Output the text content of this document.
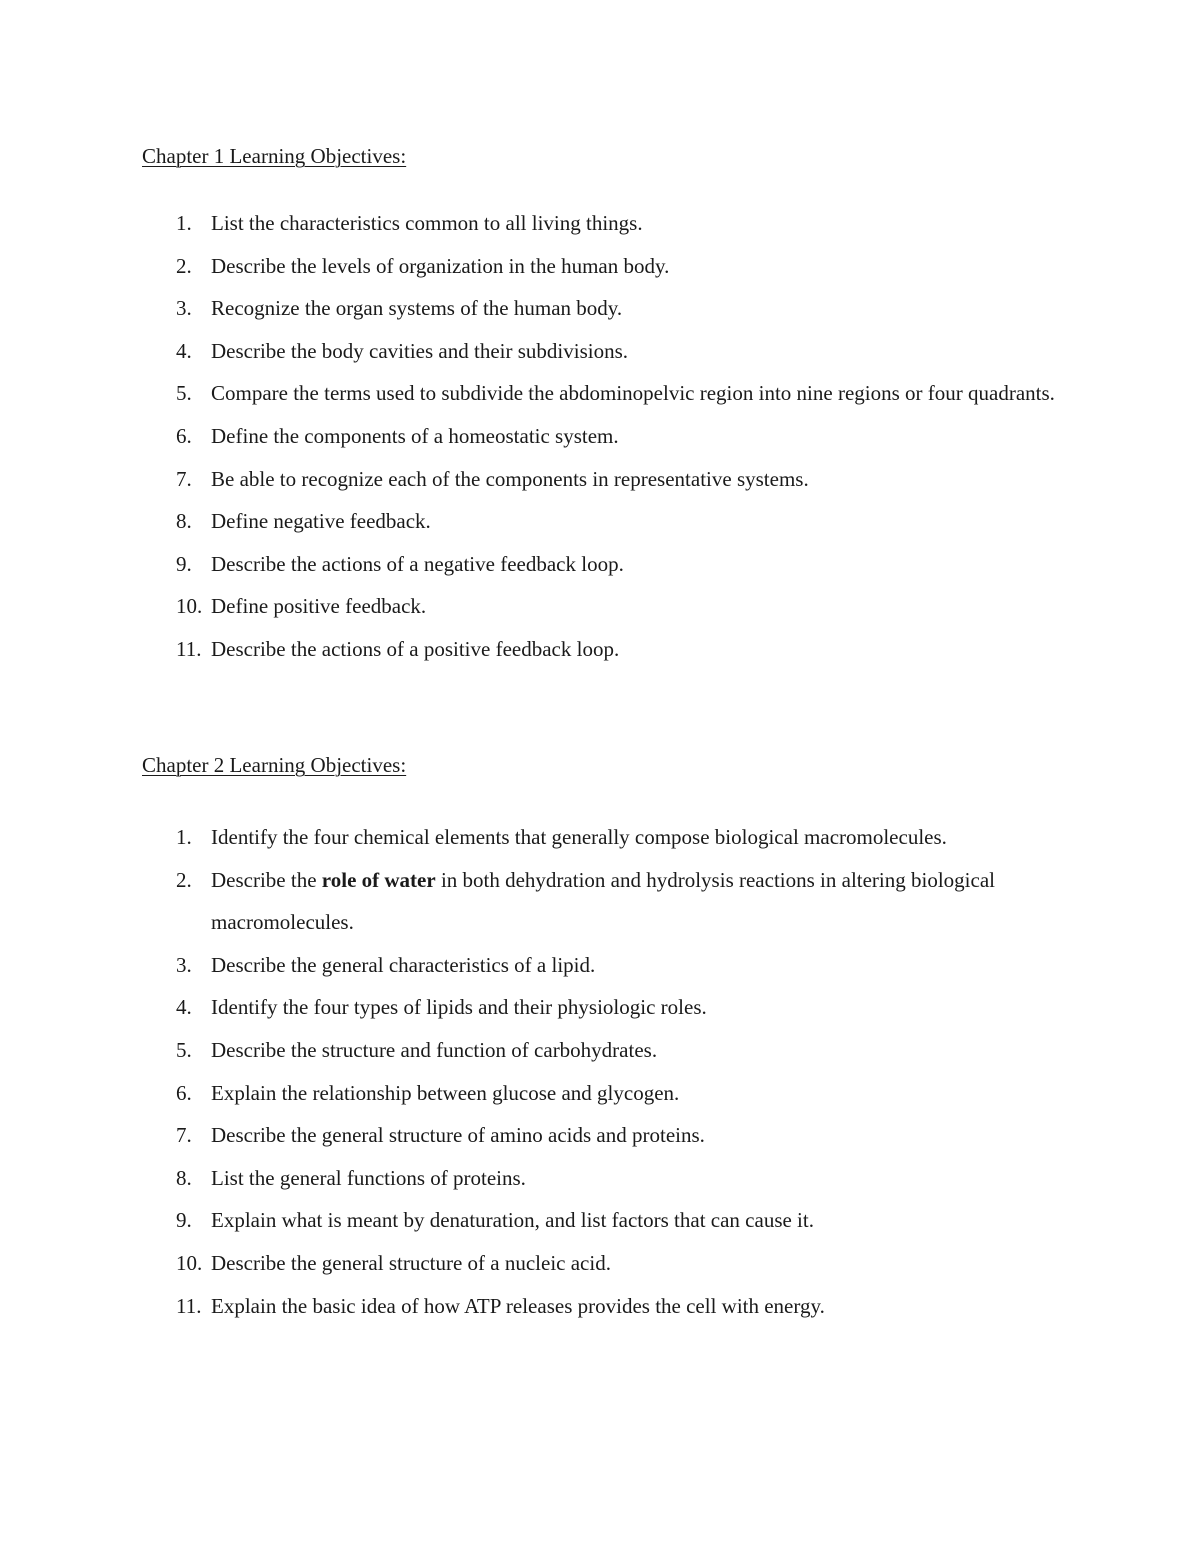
Chapter 1 Learning Objectives:
1. List the characteristics common to all living things.
2. Describe the levels of organization in the human body.
3. Recognize the organ systems of the human body.
4. Describe the body cavities and their subdivisions.
5. Compare the terms used to subdivide the abdominopelvic region into nine regions or four quadrants.
6. Define the components of a homeostatic system.
7. Be able to recognize each of the components in representative systems.
8. Define negative feedback.
9. Describe the actions of a negative feedback loop.
10. Define positive feedback.
11. Describe the actions of a positive feedback loop.
Chapter 2 Learning Objectives:
1. Identify the four chemical elements that generally compose biological macromolecules.
2. Describe the role of water in both dehydration and hydrolysis reactions in altering biological macromolecules.
3. Describe the general characteristics of a lipid.
4. Identify the four types of lipids and their physiologic roles.
5. Describe the structure and function of carbohydrates.
6. Explain the relationship between glucose and glycogen.
7. Describe the general structure of amino acids and proteins.
8. List the general functions of proteins.
9. Explain what is meant by denaturation, and list factors that can cause it.
10. Describe the general structure of a nucleic acid.
11. Explain the basic idea of how ATP releases provides the cell with energy.
